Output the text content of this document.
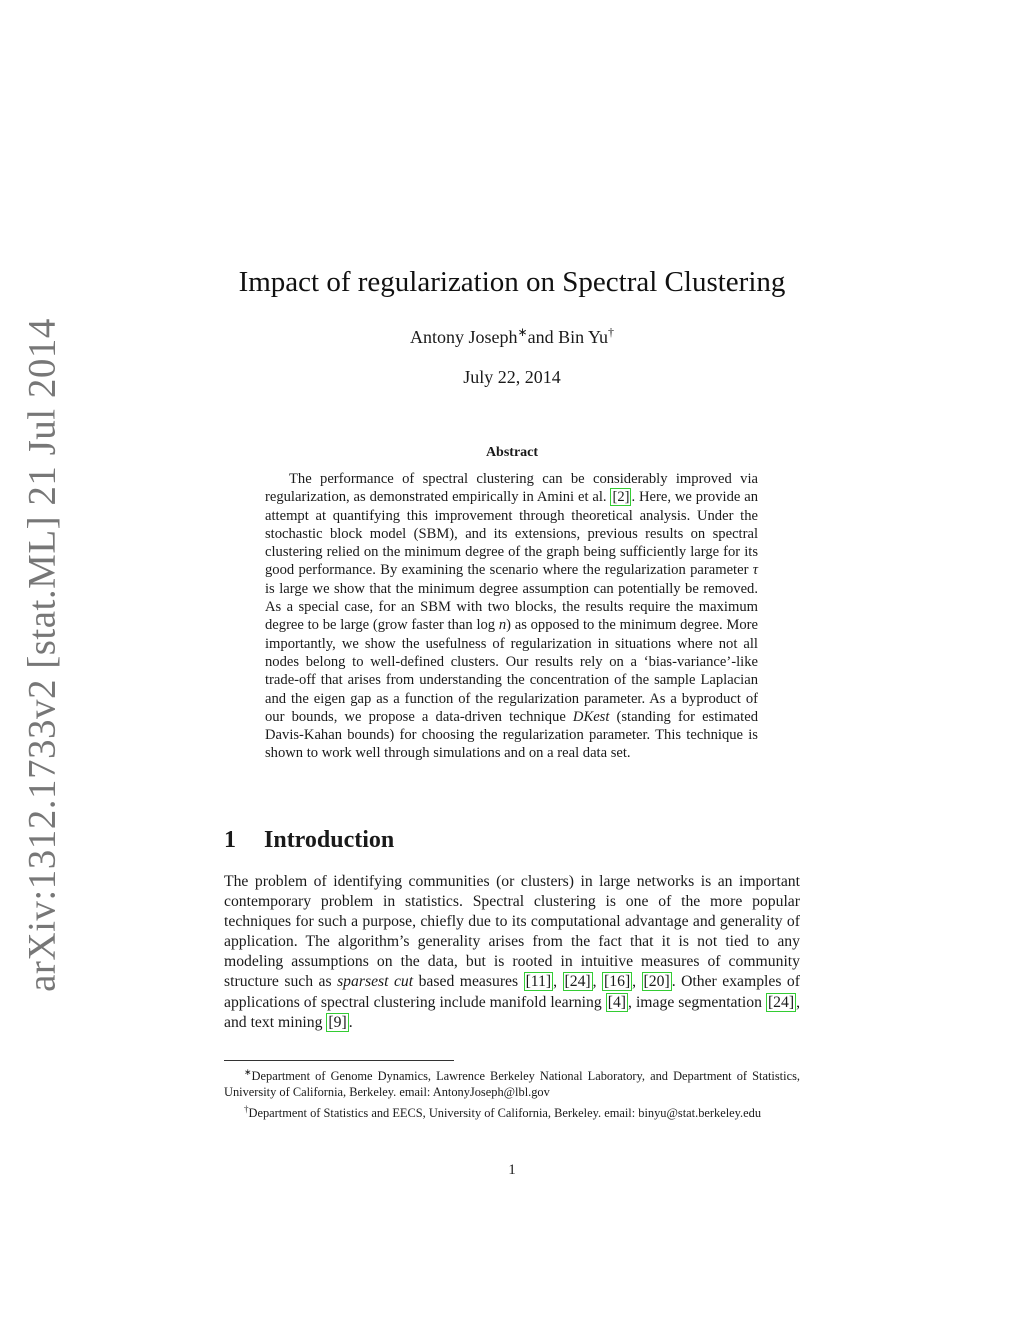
arXiv:1312.1733v2 [stat.ML] 21 Jul 2014
Impact of regularization on Spectral Clustering
Antony Joseph∗and Bin Yu†
July 22, 2014
Abstract
The performance of spectral clustering can be considerably improved via regularization, as demonstrated empirically in Amini et al. [2] . Here, we provide an attempt at quantifying this improvement through theoretical analysis. Under the stochastic block model (SBM), and its extensions, previous results on spectral clustering relied on the minimum degree of the graph being sufficiently large for its good performance. By examining the scenario where the regularization parameter τ is large we show that the minimum degree assumption can potentially be removed. As a special case, for an SBM with two blocks, the results require the maximum degree to be large (grow faster than log n) as opposed to the minimum degree. More importantly, we show the usefulness of regularization in situations where not all nodes belong to well-defined clusters. Our results rely on a ‘bias-variance’-like trade-off that arises from understanding the concentration of the sample Laplacian and the eigen gap as a function of the regularization parameter. As a byproduct of our bounds, we propose a data-driven technique DKest (standing for estimated Davis-Kahan bounds) for choosing the regularization parameter. This technique is shown to work well through simulations and on a real data set.
1 Introduction
The problem of identifying communities (or clusters) in large networks is an important contemporary problem in statistics. Spectral clustering is one of the more popular techniques for such a purpose, chiefly due to its computational advantage and generality of application. The algorithm’s generality arises from the fact that it is not tied to any modeling assumptions on the data, but is rooted in intuitive measures of community structure such as sparsest cut based measures [11] , [24] , [16] , [20] . Other examples of applications of spectral clustering include manifold learning [4] , image segmentation [24] , and text mining [9] .

∗Department of Genome Dynamics, Lawrence Berkeley National Laboratory, and Department of Statistics, University of California, Berkeley. email: AntonyJoseph@lbl.gov

†Department of Statistics and EECS, University of California, Berkeley. email: binyu@stat.berkeley.edu

1
